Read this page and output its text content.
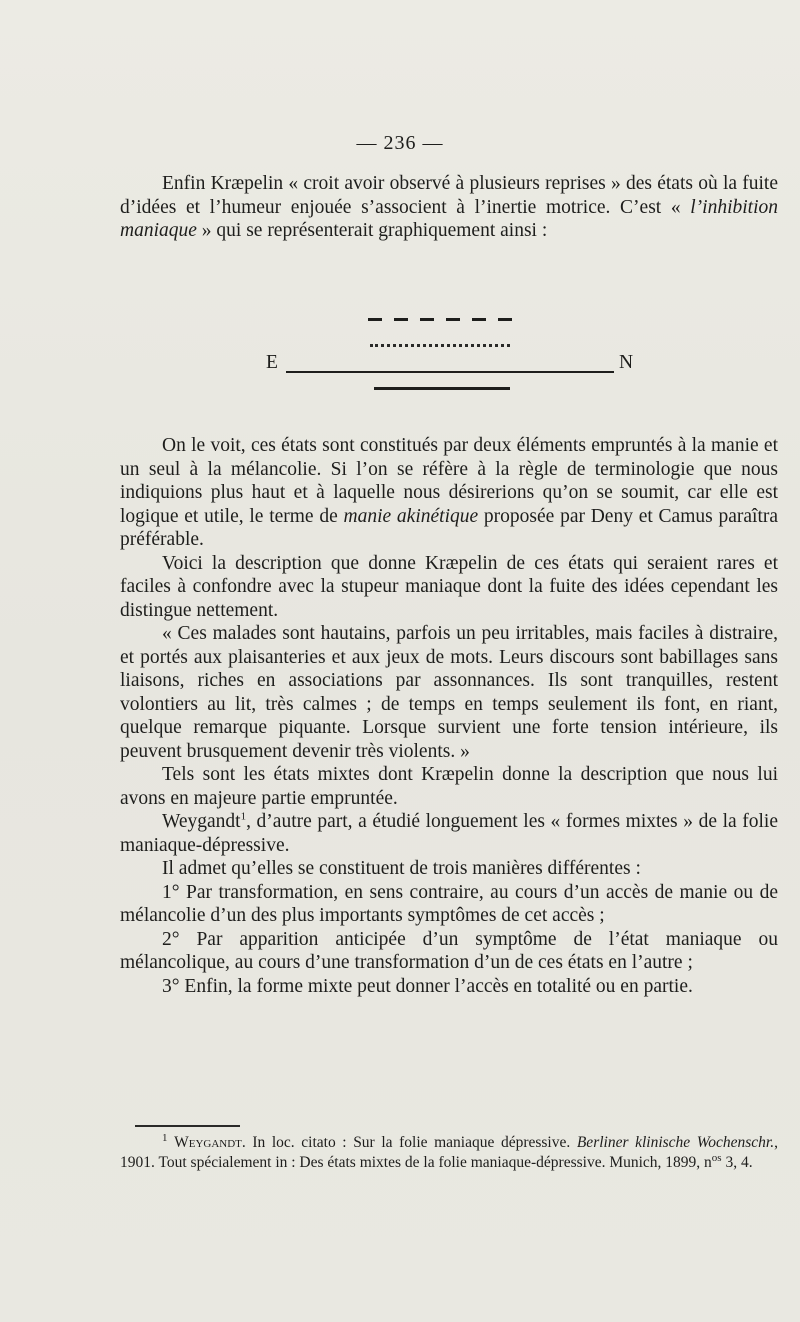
— 236 —

Enfin Kræpelin « croit avoir observé à plusieurs reprises » des états où la fuite d’idées et l’humeur enjouée s’associent à l’inertie motrice. C’est « l’inhibition maniaque » qui se représenterait graphiquement ainsi :

E	N

On le voit, ces états sont constitués par deux éléments empruntés à la manie et un seul à la mélancolie. Si l’on se réfère à la règle de terminologie que nous indiquions plus haut et à laquelle nous désirerions qu’on se soumit, car elle est logique et utile, le terme de manie akinétique proposée par Deny et Camus paraîtra préférable.

Voici la description que donne Kræpelin de ces états qui seraient rares et faciles à confondre avec la stupeur maniaque dont la fuite des idées cependant les distingue nettement.

« Ces malades sont hautains, parfois un peu irritables, mais faciles à distraire, et portés aux plaisanteries et aux jeux de mots. Leurs discours sont babillages sans liaisons, riches en associations par assonnances. Ils sont tranquilles, restent volontiers au lit, très calmes ; de temps en temps seulement ils font, en riant, quelque remarque piquante. Lorsque survient une forte tension intérieure, ils peuvent brusquement devenir très violents. »

Tels sont les états mixtes dont Kræpelin donne la description que nous lui avons en majeure partie empruntée.

Weygandt$^1$, d’autre part, a étudié longuement les « formes mixtes » de la folie maniaque-dépressive.

Il admet qu’elles se constituent de trois manières différentes :

1° Par transformation, en sens contraire, au cours d’un accès de manie ou de mélancolie d’un des plus importants symptômes de cet accès ;

2° Par apparition anticipée d’un symptôme de l’état maniaque ou mélancolique, au cours d’une transformation d’un de ces états en l’autre ;

3° Enfin, la forme mixte peut donner l’accès en totalité ou en partie.

$^1$ Weygandt. In loc. citato : Sur la folie maniaque dépressive. Berliner klinische Wochenschr., 1901. Tout spécialement in : Des états mixtes de la folie maniaque-dépressive. Munich, 1899, $n^{os}$ 3, 4.
